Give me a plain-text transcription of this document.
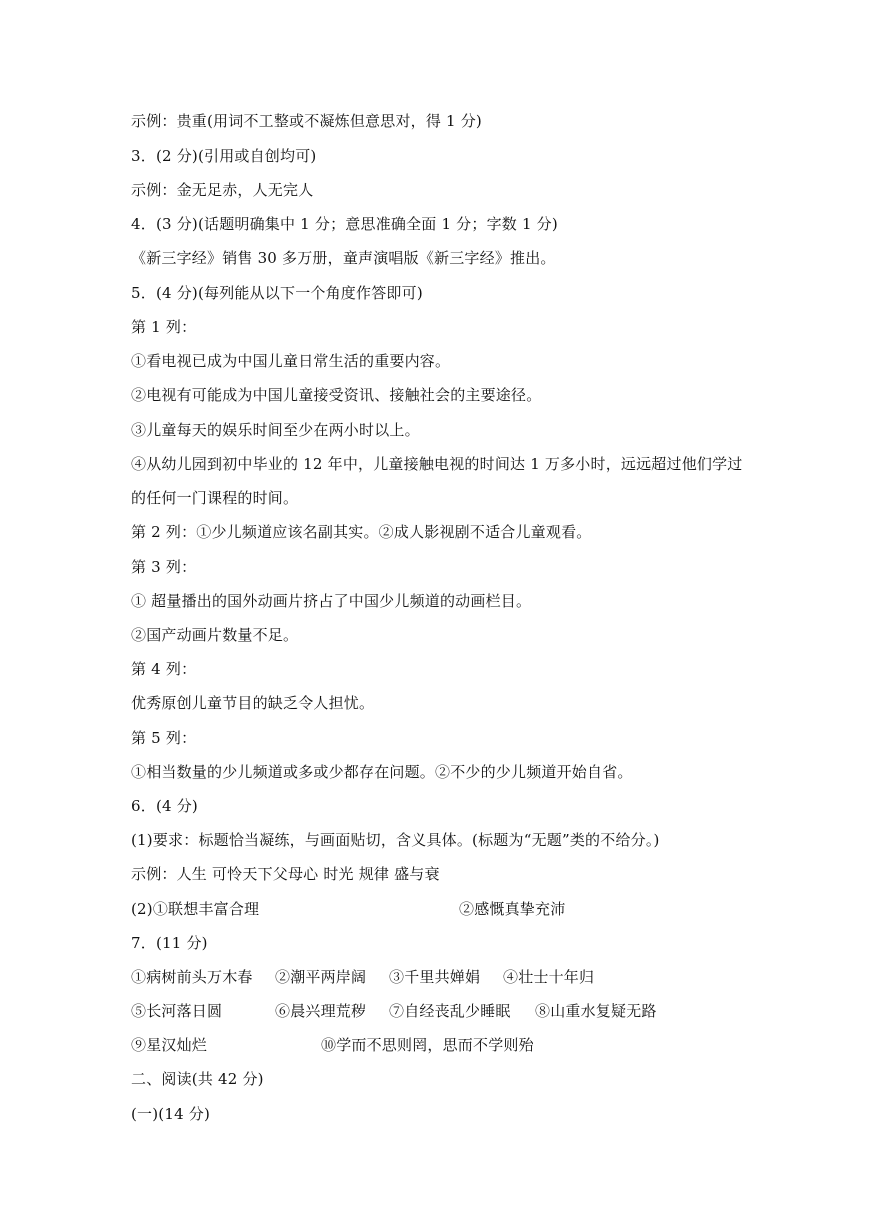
示例：贵重(用词不工整或不凝炼但意思对，得 1 分)
3．(2 分)(引用或自创均可)
示例：金无足赤，人无完人
4．(3 分)(话题明确集中 1 分；意思准确全面 1 分；字数 1 分)
《新三字经》销售 30 多万册，童声演唱版《新三字经》推出。
5．(4 分)(每列能从以下一个角度作答即可)
第 1 列：
①看电视已成为中国儿童日常生活的重要内容。
②电视有可能成为中国儿童接受资讯、接触社会的主要途径。
③儿童每天的娱乐时间至少在两小时以上。
④从幼儿园到初中毕业的 12 年中，儿童接触电视的时间达 1 万多小时，远远超过他们学过
的任何一门课程的时间。
第 2 列：①少儿频道应该名副其实。②成人影视剧不适合儿童观看。
第 3 列：
① 超量播出的国外动画片挤占了中国少儿频道的动画栏目。
②国产动画片数量不足。
第 4 列：
优秀原创儿童节目的缺乏令人担忧。
第 5 列：
①相当数量的少儿频道或多或少都存在问题。②不少的少儿频道开始自省。
6．(4 分)
(1)要求：标题恰当凝练，与画面贴切，含义具体。(标题为“无题”类的不给分。)
示例：人生 可怜天下父母心 时光 规律 盛与衰
(2)①联想丰富合理	②感慨真挚充沛
7．(11 分)
①病树前头万木春 ②潮平两岸阔 ③千里共婵娟 ④壮士十年归
⑤长河落日圆	⑥晨兴理荒秽 ⑦自经丧乱少睡眠 ⑧山重水复疑无路
⑨星汉灿烂	⑩学而不思则罔，思而不学则殆
二、阅读(共 42 分)
(一)(14 分)
